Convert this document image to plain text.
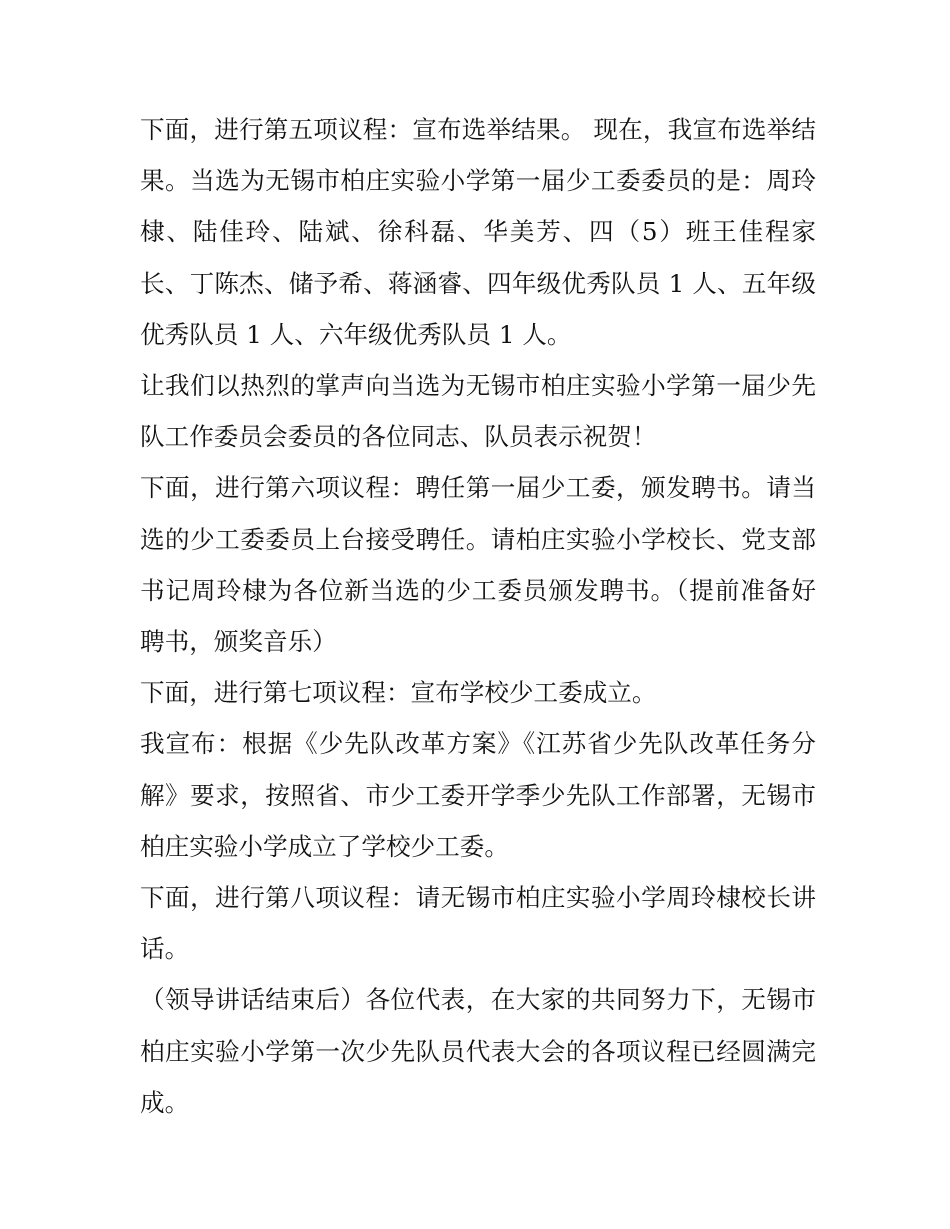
下面，进行第五项议程：宣布选举结果。 现在，我宣布选举结果。当选为无锡市柏庄实验小学第一届少工委委员的是：周玲棣、陆佳玲、陆斌、徐科磊、华美芳、四（5）班王佳程家长、丁陈杰、储予希、蒋涵睿、四年级优秀队员 1 人、五年级优秀队员 1 人、六年级优秀队员 1 人。

让我们以热烈的掌声向当选为无锡市柏庄实验小学第一届少先队工作委员会委员的各位同志、队员表示祝贺！

下面，进行第六项议程：聘任第一届少工委，颁发聘书。请当选的少工委委员上台接受聘任。请柏庄实验小学校长、党支部书记周玲棣为各位新当选的少工委员颁发聘书。（提前准备好聘书，颁奖音乐）

下面，进行第七项议程：宣布学校少工委成立。

我宣布：根据《少先队改革方案》《江苏省少先队改革任务分解》要求，按照省、市少工委开学季少先队工作部署，无锡市柏庄实验小学成立了学校少工委。

下面，进行第八项议程：请无锡市柏庄实验小学周玲棣校长讲话。

（领导讲话结束后）各位代表，在大家的共同努力下，无锡市柏庄实验小学第一次少先队员代表大会的各项议程已经圆满完成。
